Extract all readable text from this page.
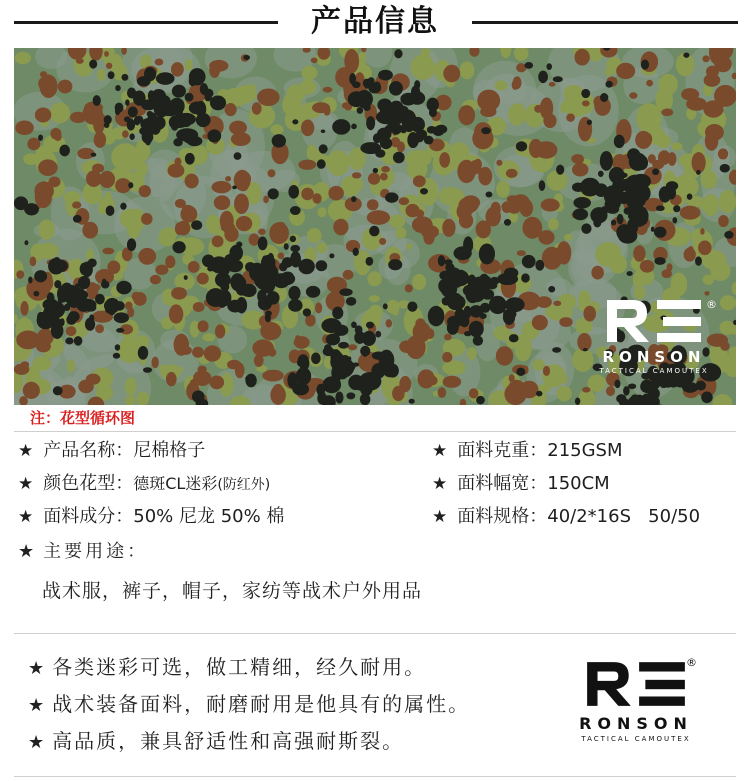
产品信息
®
RONSON
TACTICAL CAMOUTEX
注：花型循环图
★ 产品名称：尼棉格子
★ 颜色花型：德斑CL迷彩(防红外)
★ 面料成分：50% 尼龙 50% 棉
★ 面料克重：215GSM
★ 面料幅宽：150CM
★ 面料规格：40/2*16S   50/50
★ 主要用途：
战术服，裤子，帽子，家纺等战术户外用品
★ 各类迷彩可选，做工精细，经久耐用。
★ 战术装备面料，耐磨耐用是他具有的属性。
★ 高品质，兼具舒适性和高强耐斯裂。
®
RONSON
TACTICAL CAMOUTEX
